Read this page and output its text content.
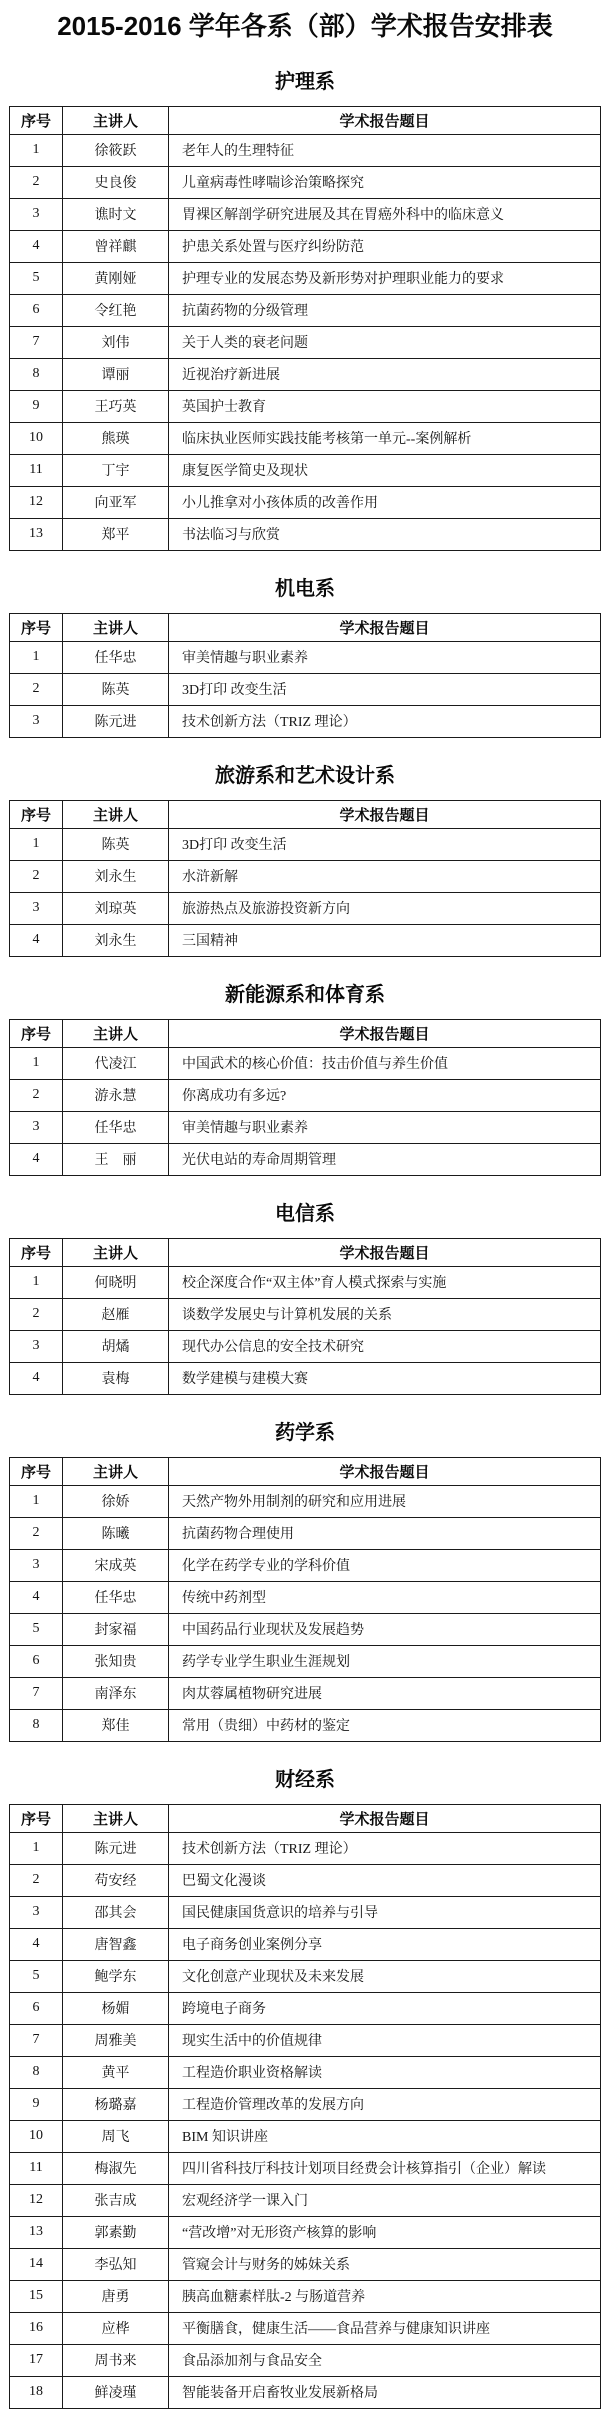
2015-2016 学年各系（部）学术报告安排表
护理系
序号	主讲人	学术报告题目
1	徐筱跃	老年人的生理特征
2	史良俊	儿童病毒性哮喘诊治策略探究
3	谯时文	胃裸区解剖学研究进展及其在胃癌外科中的临床意义
4	曾祥麒	护患关系处置与医疗纠纷防范
5	黄刚娅	护理专业的发展态势及新形势对护理职业能力的要求
6	令红艳	抗菌药物的分级管理
7	刘伟	关于人类的衰老问题
8	谭丽	近视治疗新进展
9	王巧英	英国护士教育
10	熊瑛	临床执业医师实践技能考核第一单元--案例解析
11	丁宇	康复医学简史及现状
12	向亚军	小儿推拿对小孩体质的改善作用
13	郑平	书法临习与欣赏
机电系
序号	主讲人	学术报告题目
1	任华忠	审美情趣与职业素养
2	陈英	3D打印 改变生活
3	陈元进	技术创新方法（TRIZ 理论）
旅游系和艺术设计系
序号	主讲人	学术报告题目
1	陈英	3D打印 改变生活
2	刘永生	水浒新解
3	刘琼英	旅游热点及旅游投资新方向
4	刘永生	三国精神
新能源系和体育系
序号	主讲人	学术报告题目
1	代凌江	中国武术的核心价值：技击价值与养生价值
2	游永慧	你离成功有多远?
3	任华忠	审美情趣与职业素养
4	王　丽	光伏电站的寿命周期管理
电信系
序号	主讲人	学术报告题目
1	何晓明	校企深度合作“双主体”育人模式探索与实施
2	赵雁	谈数学发展史与计算机发展的关系
3	胡燏	现代办公信息的安全技术研究
4	袁梅	数学建模与建模大赛
药学系
序号	主讲人	学术报告题目
1	徐娇	天然产物外用制剂的研究和应用进展
2	陈曦	抗菌药物合理使用
3	宋成英	化学在药学专业的学科价值
4	任华忠	传统中药剂型
5	封家福	中国药品行业现状及发展趋势
6	张知贵	药学专业学生职业生涯规划
7	南泽东	肉苁蓉属植物研究进展
8	郑佳	常用（贵细）中药材的鉴定
财经系
序号	主讲人	学术报告题目
1	陈元进	技术创新方法（TRIZ 理论）
2	苟安经	巴蜀文化漫谈
3	邵其会	国民健康国货意识的培养与引导
4	唐智鑫	电子商务创业案例分享
5	鲍学东	文化创意产业现状及未来发展
6	杨媚	跨境电子商务
7	周雅美	现实生活中的价值规律
8	黄平	工程造价职业资格解读
9	杨璐嘉	工程造价管理改革的发展方向
10	周飞	BIM 知识讲座
11	梅淑先	四川省科技厅科技计划项目经费会计核算指引（企业）解读
12	张吉成	宏观经济学一课入门
13	郭素勤	“营改增”对无形资产核算的影响
14	李弘知	管窥会计与财务的姊妹关系
15	唐勇	胰高血糖素样肽-2 与肠道营养
16	应桦	平衡膳食，健康生活——食品营养与健康知识讲座
17	周书来	食品添加剂与食品安全
18	鲜凌瑾	智能装备开启畜牧业发展新格局
